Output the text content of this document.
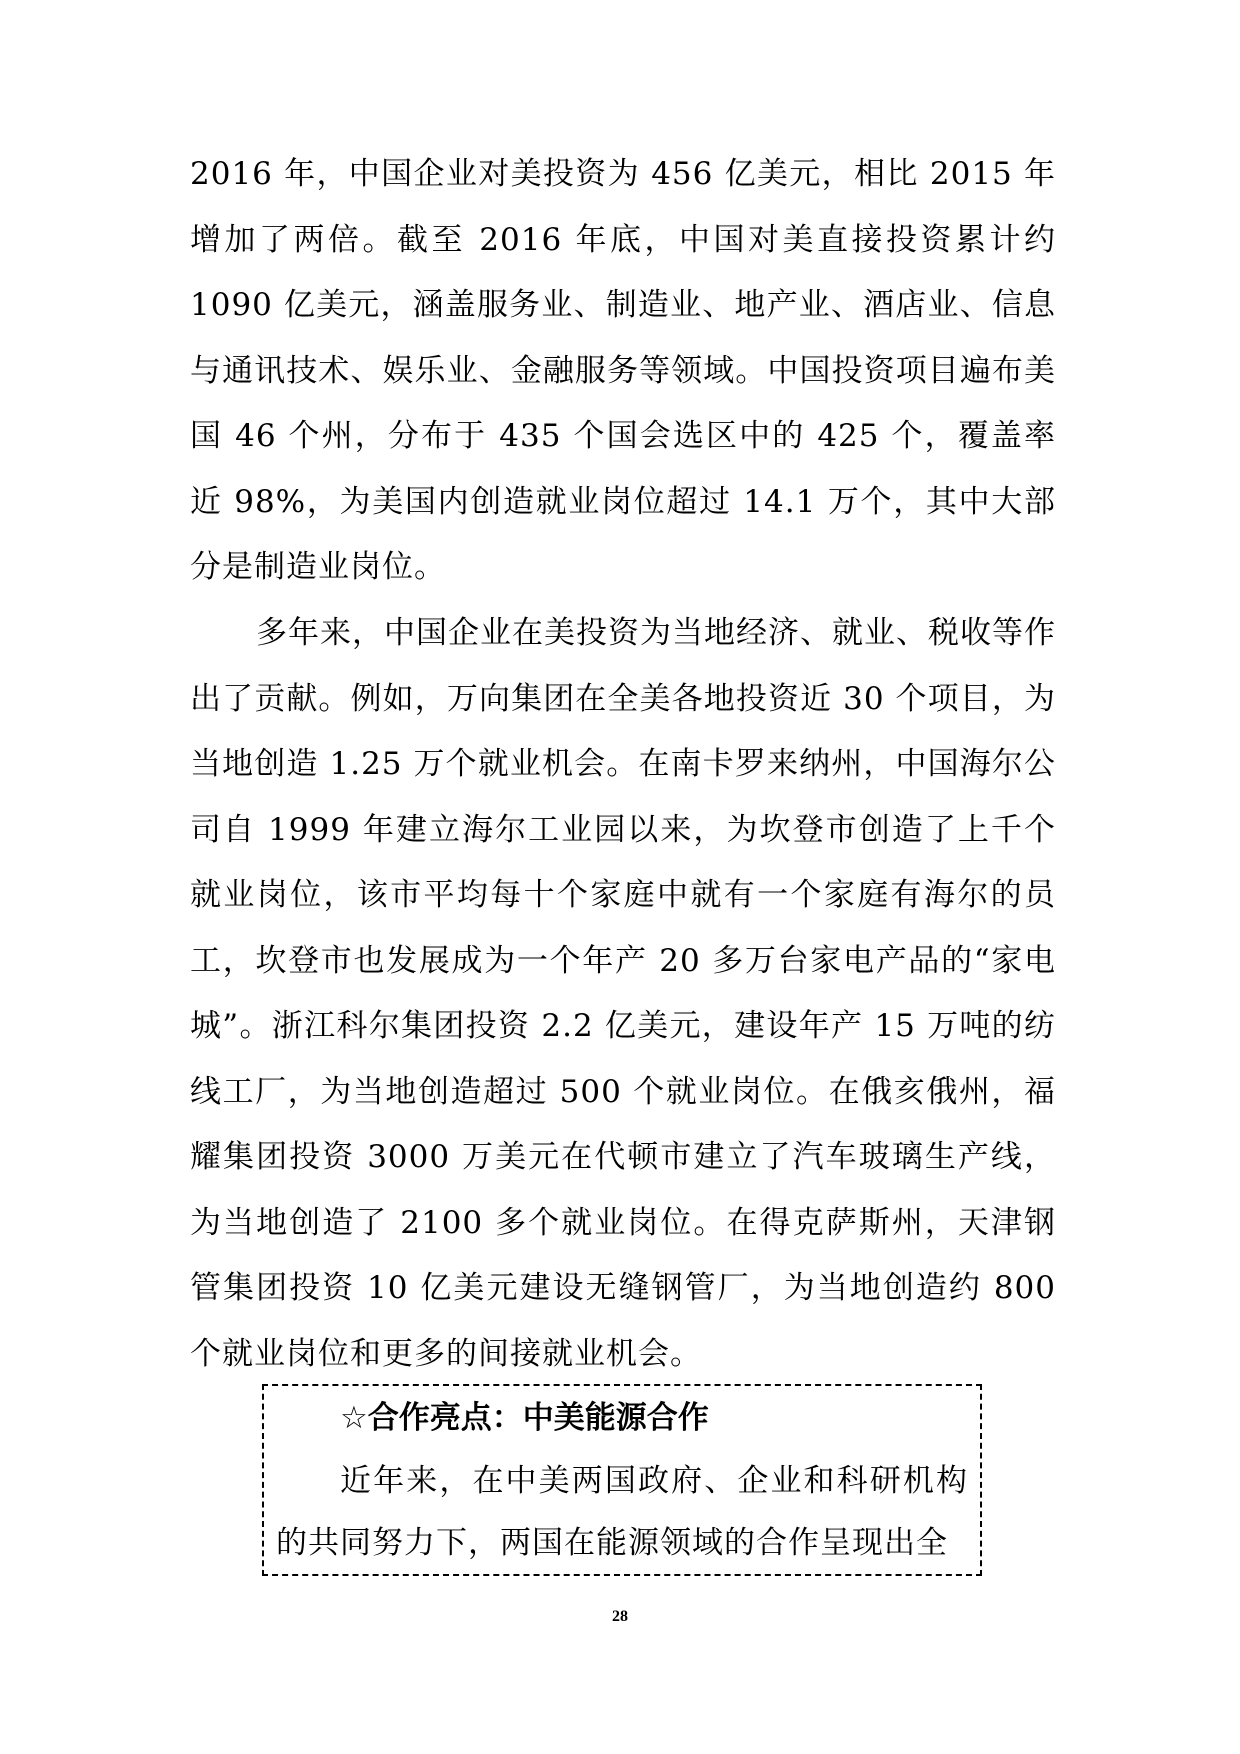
2016 年，中国企业对美投资为 456 亿美元，相比 2015 年增加了两倍。截至 2016 年底，中国对美直接投资累计约 1090 亿美元，涵盖服务业、制造业、地产业、酒店业、信息与通讯技术、娱乐业、金融服务等领域。中国投资项目遍布美国 46 个州，分布于 435 个国会选区中的 425 个，覆盖率近 98%，为美国内创造就业岗位超过 14.1 万个，其中大部分是制造业岗位。

多年来，中国企业在美投资为当地经济、就业、税收等作出了贡献。例如，万向集团在全美各地投资近 30 个项目，为当地创造 1.25 万个就业机会。在南卡罗来纳州，中国海尔公司自 1999 年建立海尔工业园以来，为坎登市创造了上千个就业岗位，该市平均每十个家庭中就有一个家庭有海尔的员工，坎登市也发展成为一个年产 20 多万台家电产品的“家电城”。浙江科尔集团投资 2.2 亿美元，建设年产 15 万吨的纺线工厂，为当地创造超过 500 个就业岗位。在俄亥俄州，福耀集团投资 3000 万美元在代顿市建立了汽车玻璃生产线，为当地创造了 2100 多个就业岗位。在得克萨斯州，天津钢管集团投资 10 亿美元建设无缝钢管厂，为当地创造约 800 个就业岗位和更多的间接就业机会。

☆合作亮点：中美能源合作

近年来，在中美两国政府、企业和科研机构的共同努力下，两国在能源领域的合作呈现出全

28
